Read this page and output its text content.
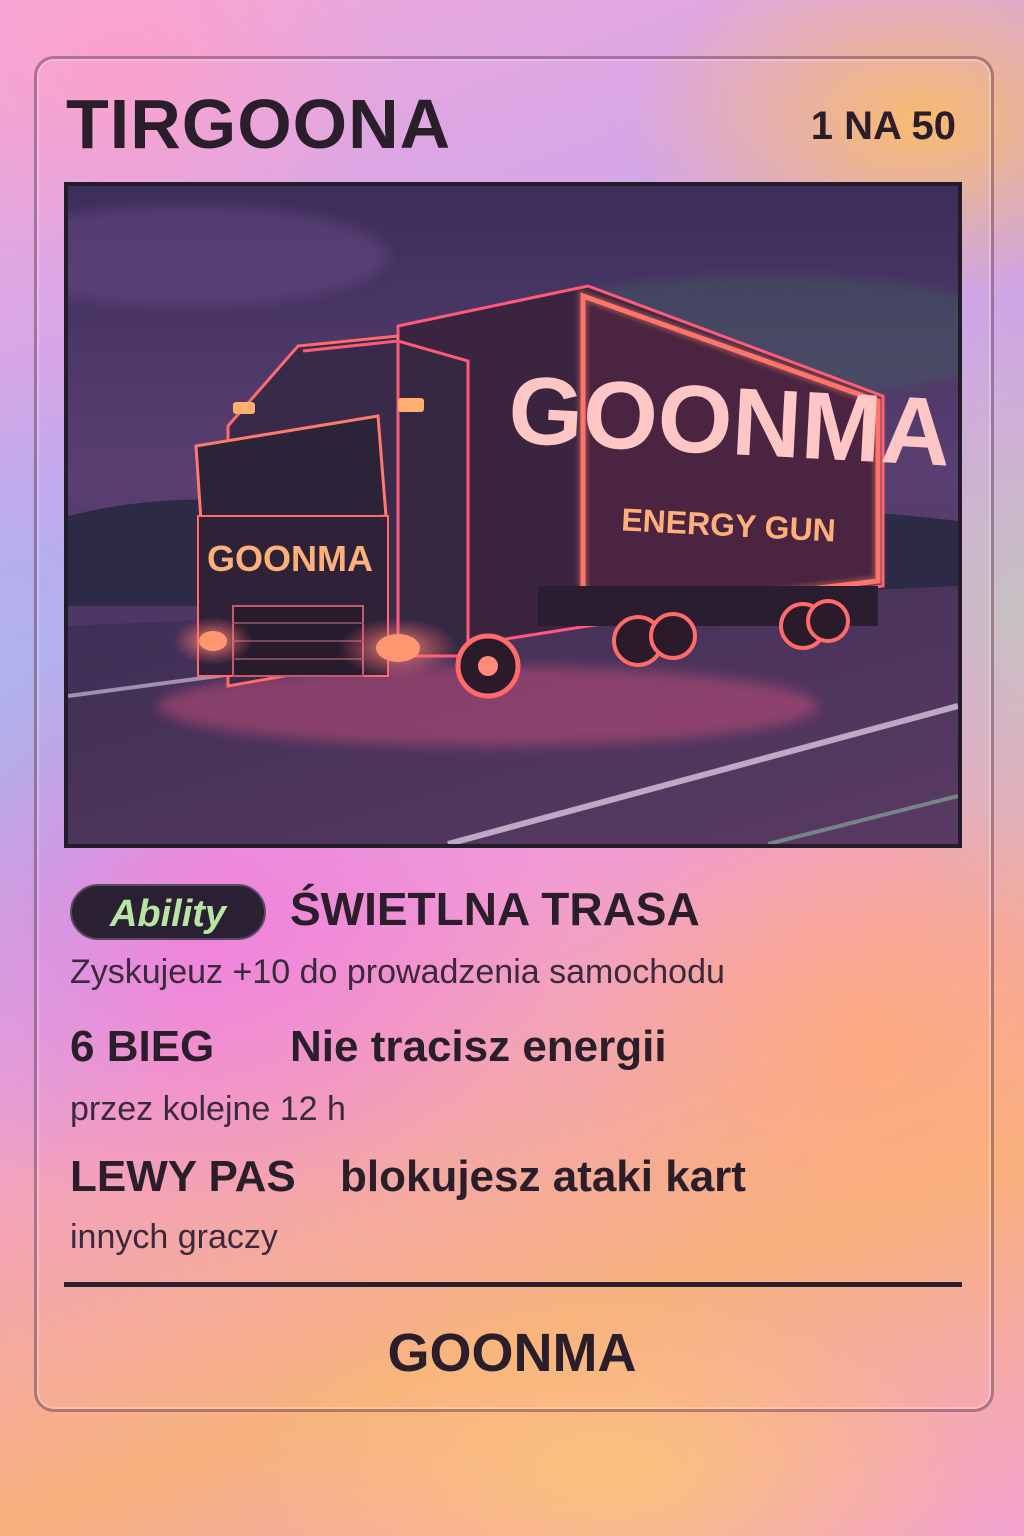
TIRGOONA	1 NA 50
GOONMA
ENERGY GUN
GOONMA
Ability	ŚWIETLNA TRASA
Zyskujeuz +10 do prowadzenia samochodu
6 BIEG Nie tracisz energii
przez kolejne 12 h
LEWY PAS blokujesz ataki kart
innych graczy
GOONMA
